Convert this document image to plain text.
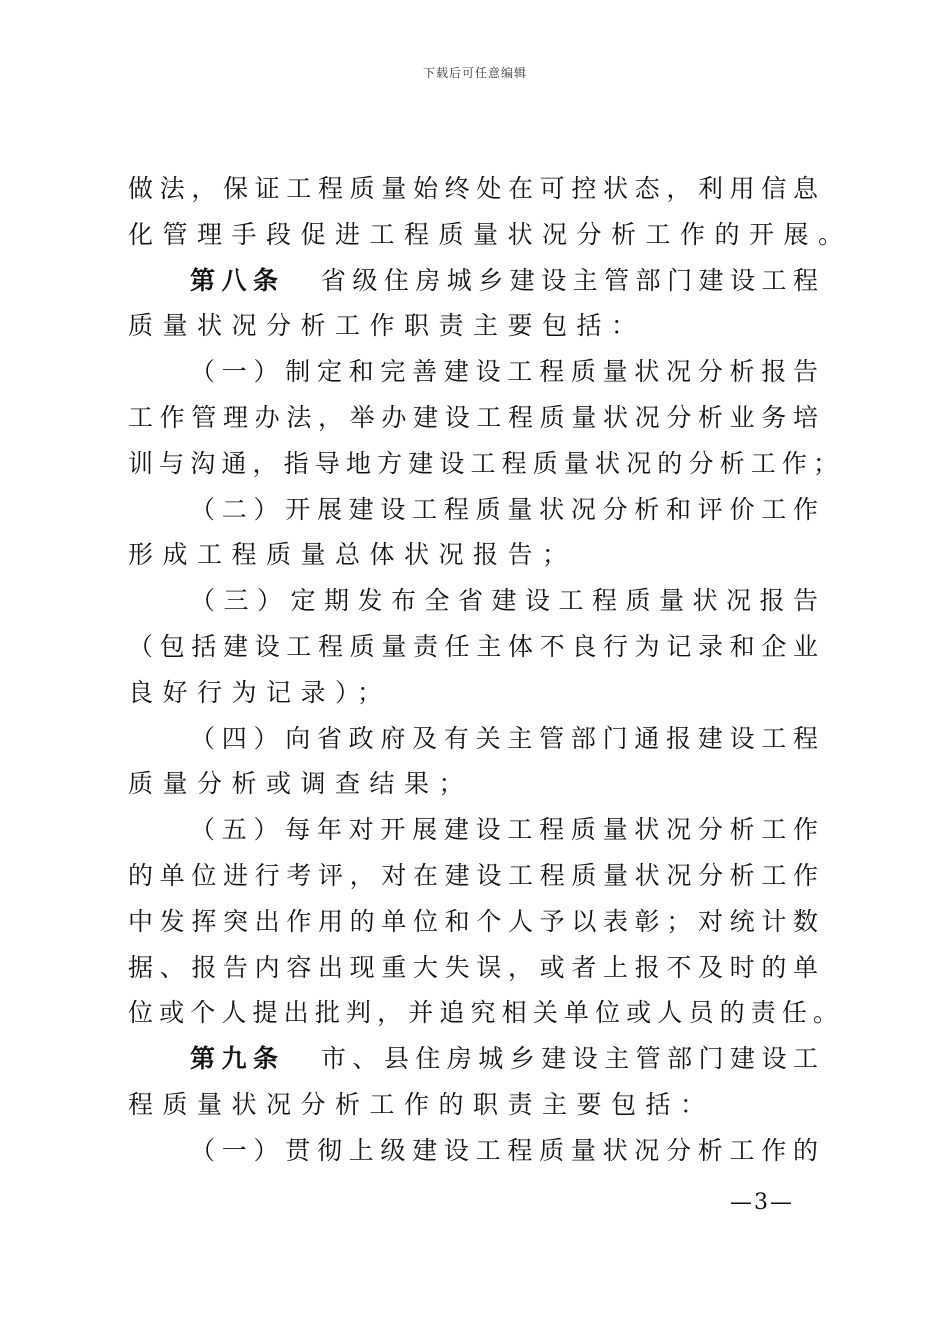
下载后可任意编辑
做法，保证工程质量始终处在可控状态，利用信息
化管理手段促进工程质量状况分析工作的开展。
第八条 省级住房城乡建设主管部门建设工程
质量状况分析工作职责主要包括：
（一）制定和完善建设工程质量状况分析报告
工作管理办法，举办建设工程质量状况分析业务培
训与沟通，指导地方建设工程质量状况的分析工作；
（二）开展建设工程质量状况分析和评价工作
形成工程质量总体状况报告；
（三）定期发布全省建设工程质量状况报告
（包括建设工程质量责任主体不良行为记录和企业
良好行为记录）；
（四）向省政府及有关主管部门通报建设工程
质量分析或调查结果；
（五）每年对开展建设工程质量状况分析工作
的单位进行考评，对在建设工程质量状况分析工作
中发挥突出作用的单位和个人予以表彰；对统计数
据、报告内容出现重大失误，或者上报不及时的单
位或个人提出批判，并追究相关单位或人员的责任。
第九条 市、县住房城乡建设主管部门建设工
程质量状况分析工作的职责主要包括：
（一）贯彻上级建设工程质量状况分析工作的
—3—
